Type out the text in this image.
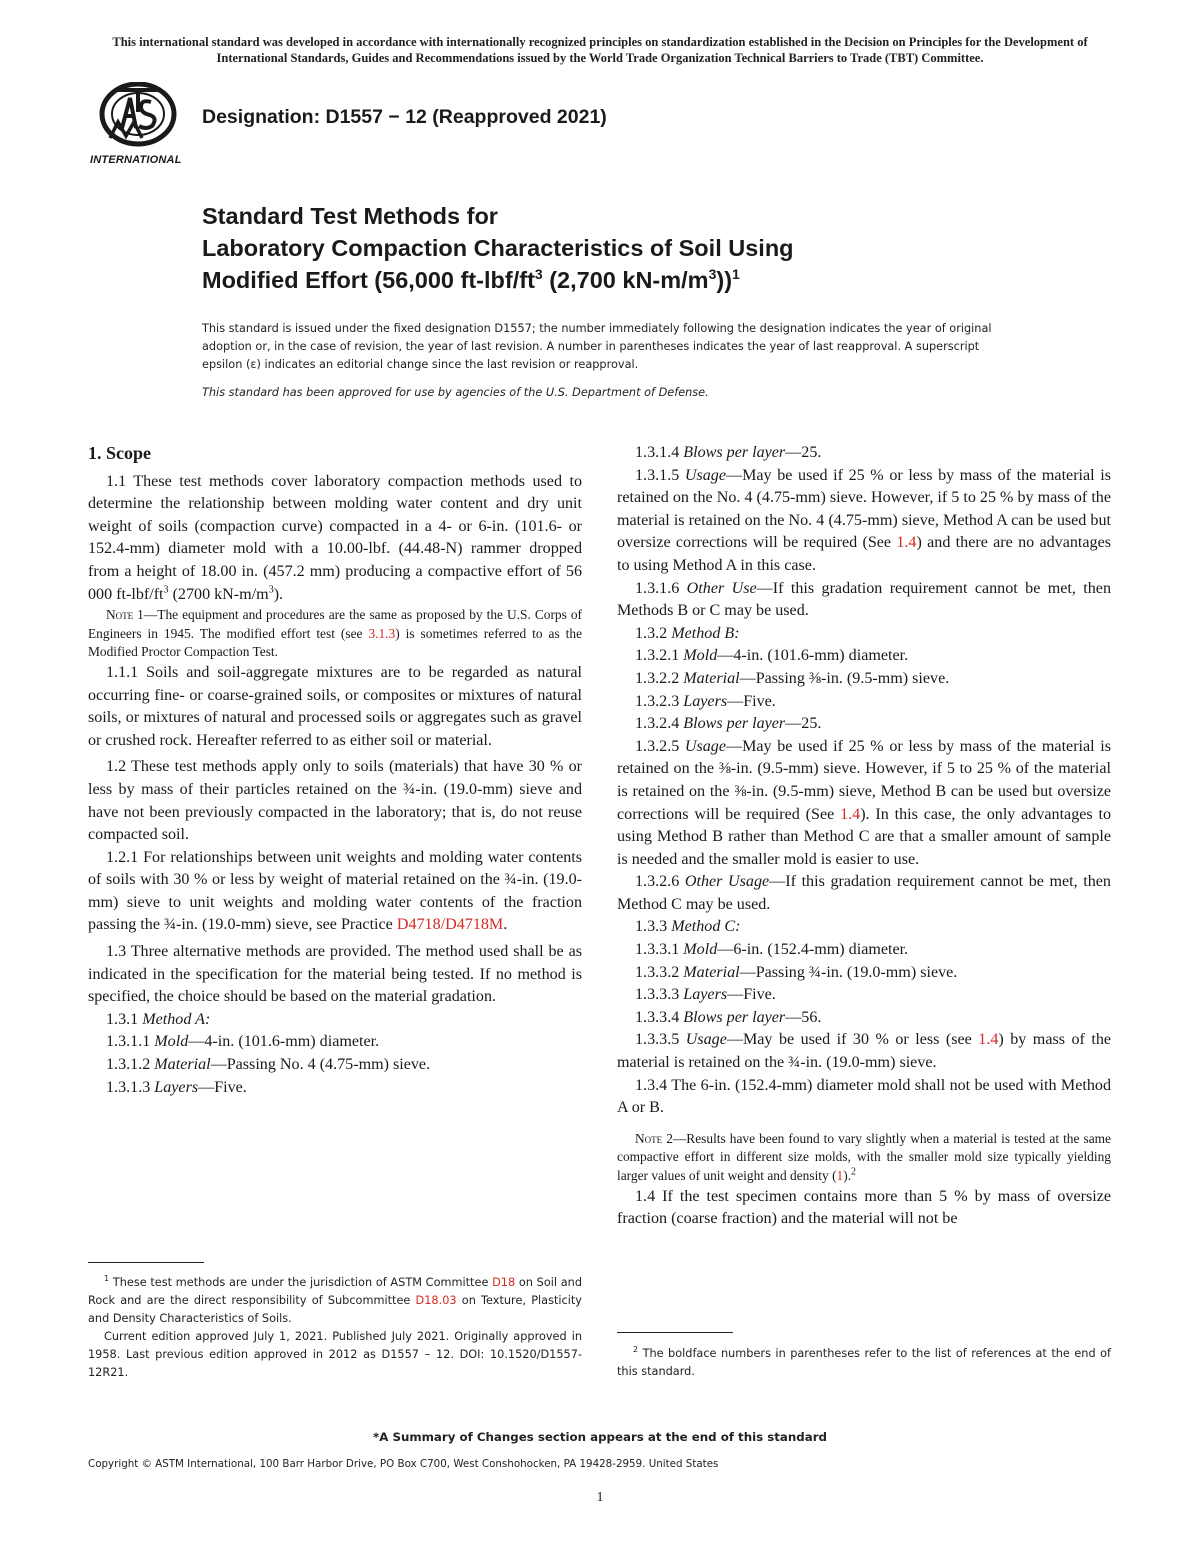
This international standard was developed in accordance with internationally recognized principles on standardization established in the Decision on Principles for the Development of International Standards, Guides and Recommendations issued by the World Trade Organization Technical Barriers to Trade (TBT) Committee.
INTERNATIONAL
Designation: D1557 − 12 (Reapproved 2021)
Standard Test Methods for
Laboratory Compaction Characteristics of Soil Using
Modified Effort (56,000 $ft-lbf/ft^3$ (2,700 $kN-m/m^3))^1$
This standard is issued under the fixed designation D1557; the number immediately following the designation indicates the year of original adoption or, in the case of revision, the year of last revision. A number in parentheses indicates the year of last reapproval. A superscript epsilon (ε) indicates an editorial change since the last revision or reapproval.
This standard has been approved for use by agencies of the U.S. Department of Defense.
1. Scope

1.1 These test methods cover laboratory compaction methods used to determine the relationship between molding water content and dry unit weight of soils (compaction curve) compacted in a 4- or 6-in. (101.6- or 152.4-mm) diameter mold with a 10.00-lbf. (44.48-N) rammer dropped from a height of 18.00 in. (457.2 mm) producing a compactive effort of 56 000 $ft-lbf/ft^3$ (2700 $kN-m/m^3$).

Note 1—The equipment and procedures are the same as proposed by the U.S. Corps of Engineers in 1945. The modified effort test (see 3.1.3) is sometimes referred to as the Modified Proctor Compaction Test.

1.1.1 Soils and soil-aggregate mixtures are to be regarded as natural occurring fine- or coarse-grained soils, or composites or mixtures of natural soils, or mixtures of natural and processed soils or aggregates such as gravel or crushed rock. Hereafter referred to as either soil or material.

1.2 These test methods apply only to soils (materials) that have 30 % or less by mass of their particles retained on the ¾-in. (19.0-mm) sieve and have not been previously compacted in the laboratory; that is, do not reuse compacted soil.

1.2.1 For relationships between unit weights and molding water contents of soils with 30 % or less by weight of material retained on the ¾-in. (19.0-mm) sieve to unit weights and molding water contents of the fraction passing the ¾-in. (19.0-mm) sieve, see Practice D4718/D4718M.

1.3 Three alternative methods are provided. The method used shall be as indicated in the specification for the material being tested. If no method is specified, the choice should be based on the material gradation.

1.3.1 Method A:

1.3.1.1 Mold—4-in. (101.6-mm) diameter.

1.3.1.2 Material—Passing No. 4 (4.75-mm) sieve.

1.3.1.3 Layers—Five.

1.3.1.4 Blows per layer—25.

1.3.1.5 Usage—May be used if 25 % or less by mass of the material is retained on the No. 4 (4.75-mm) sieve. However, if 5 to 25 % by mass of the material is retained on the No. 4 (4.75-mm) sieve, Method A can be used but oversize corrections will be required (See 1.4) and there are no advantages to using Method A in this case.

1.3.1.6 Other Use—If this gradation requirement cannot be met, then Methods B or C may be used.

1.3.2 Method B:

1.3.2.1 Mold—4-in. (101.6-mm) diameter.

1.3.2.2 Material—Passing ⅜-in. (9.5-mm) sieve.

1.3.2.3 Layers—Five.

1.3.2.4 Blows per layer—25.

1.3.2.5 Usage—May be used if 25 % or less by mass of the material is retained on the ⅜-in. (9.5-mm) sieve. However, if 5 to 25 % of the material is retained on the ⅜-in. (9.5-mm) sieve, Method B can be used but oversize corrections will be required (See 1.4). In this case, the only advantages to using Method B rather than Method C are that a smaller amount of sample is needed and the smaller mold is easier to use.

1.3.2.6 Other Usage—If this gradation requirement cannot be met, then Method C may be used.

1.3.3 Method C:

1.3.3.1 Mold—6-in. (152.4-mm) diameter.

1.3.3.2 Material—Passing ¾-in. (19.0-mm) sieve.

1.3.3.3 Layers—Five.

1.3.3.4 Blows per layer—56.

1.3.3.5 Usage—May be used if 30 % or less (see 1.4) by mass of the material is retained on the ¾-in. (19.0-mm) sieve.

1.3.4 The 6-in. (152.4-mm) diameter mold shall not be used with Method A or B.

Note 2—Results have been found to vary slightly when a material is tested at the same compactive effort in different size molds, with the smaller mold size typically yielding larger values of unit weight and density (1).$^2$

1.4 If the test specimen contains more than 5 % by mass of oversize fraction (coarse fraction) and the material will not be

$^1$ These test methods are under the jurisdiction of ASTM Committee D18 on Soil and Rock and are the direct responsibility of Subcommittee D18.03 on Texture, Plasticity and Density Characteristics of Soils.

Current edition approved July 1, 2021. Published July 2021. Originally approved in 1958. Last previous edition approved in 2012 as D1557 – 12. DOI: 10.1520/D1557-12R21.

$^2$ The boldface numbers in parentheses refer to the list of references at the end of this standard.

*A Summary of Changes section appears at the end of this standard
Copyright © ASTM International, 100 Barr Harbor Drive, PO Box C700, West Conshohocken, PA 19428-2959. United States
1
